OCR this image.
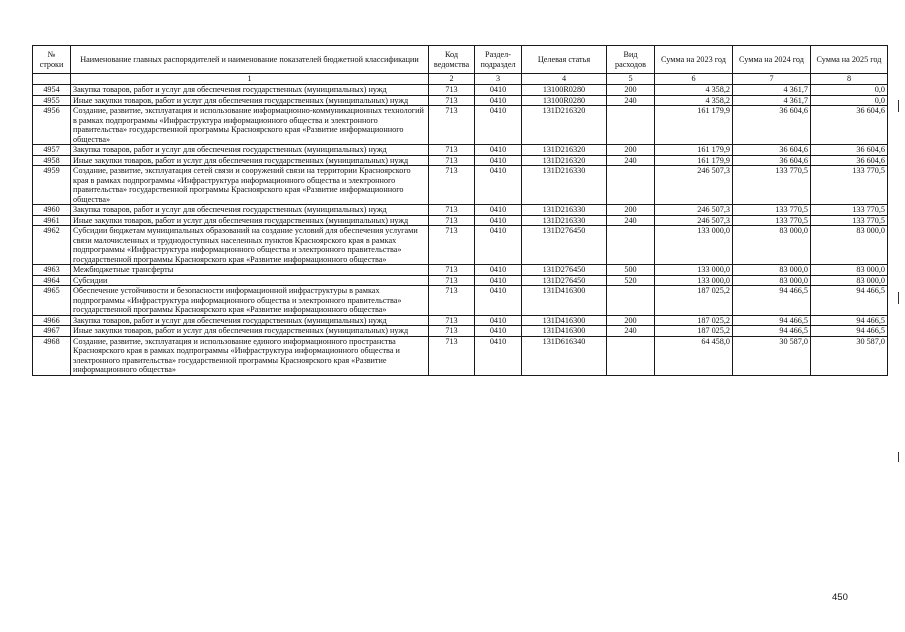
№ строки	Наименование главных распорядителей и наименование показателей бюджетной классификации	Код ведомства	Раздел-подраздел	Целевая статья	Вид расходов	Сумма на 2023 год	Сумма на 2024 год	Сумма на 2025 год
	1	2	3	4	5	6	7	8
4954	Закупка товаров, работ и услуг для обеспечения государственных (муниципальных) нужд	713	0410	13100R0280	200	4 358,2	4 361,7	0,0
4955	Иные закупки товаров, работ и услуг для обеспечения государственных (муниципальных) нужд	713	0410	13100R0280	240	4 358,2	4 361,7	0,0
4956	Создание, развитие, эксплуатация и использование информационно-коммуникационных технологий в рамках подпрограммы «Инфраструктура информационного общества и электронного правительства» государственной программы Красноярского края «Развитие информационного общества»	713	0410	131D216320		161 179,9	36 604,6	36 604,6
4957	Закупка товаров, работ и услуг для обеспечения государственных (муниципальных) нужд	713	0410	131D216320	200	161 179,9	36 604,6	36 604,6
4958	Иные закупки товаров, работ и услуг для обеспечения государственных (муниципальных) нужд	713	0410	131D216320	240	161 179,9	36 604,6	36 604,6
4959	Создание, развитие, эксплуатация сетей связи и сооружений связи на территории Красноярского края в рамках подпрограммы «Инфраструктура информационного общества и электронного правительства» государственной программы Красноярского края «Развитие информационного общества»	713	0410	131D216330		246 507,3	133 770,5	133 770,5
4960	Закупка товаров, работ и услуг для обеспечения государственных (муниципальных) нужд	713	0410	131D216330	200	246 507,3	133 770,5	133 770,5
4961	Иные закупки товаров, работ и услуг для обеспечения государственных (муниципальных) нужд	713	0410	131D216330	240	246 507,3	133 770,5	133 770,5
4962	Субсидии бюджетам муниципальных образований на создание условий для обеспечения услугами связи малочисленных и труднодоступных населенных пунктов Красноярского края в рамках подпрограммы «Инфраструктура информационного общества и электронного правительства» государственной программы Красноярского края «Развитие информационного общества»	713	0410	131D276450		133 000,0	83 000,0	83 000,0
4963	Межбюджетные трансферты	713	0410	131D276450	500	133 000,0	83 000,0	83 000,0
4964	Субсидии	713	0410	131D276450	520	133 000,0	83 000,0	83 000,0
4965	Обеспечение устойчивости и безопасности информационной инфраструктуры в рамках подпрограммы «Инфраструктура информационного общества и электронного правительства» государственной программы Красноярского края «Развитие информационного общества»	713	0410	131D416300		187 025,2	94 466,5	94 466,5
4966	Закупка товаров, работ и услуг для обеспечения государственных (муниципальных) нужд	713	0410	131D416300	200	187 025,2	94 466,5	94 466,5
4967	Иные закупки товаров, работ и услуг для обеспечения государственных (муниципальных) нужд	713	0410	131D416300	240	187 025,2	94 466,5	94 466,5
4968	Создание, развитие, эксплуатация и использование единого информационного пространства Красноярского края в рамках подпрограммы «Инфраструктура информационного общества и электронного правительства» государственной программы Красноярского края «Развитие информационного общества»	713	0410	131D616340		64 458,0	30 587,0	30 587,0
450
